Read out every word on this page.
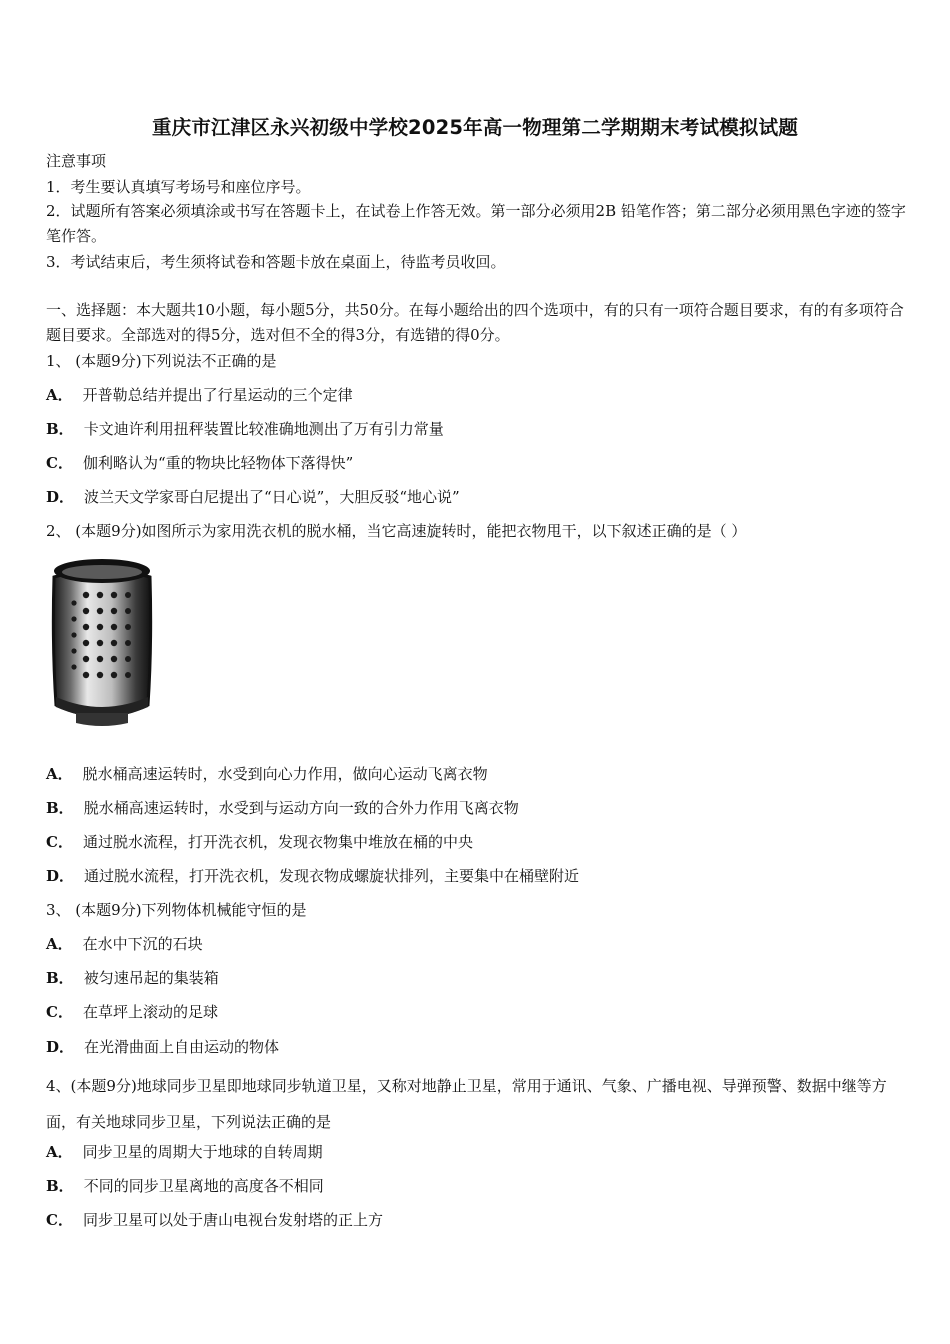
重庆市江津区永兴初级中学校2025年高一物理第二学期期末考试模拟试题
注意事项
1．考生要认真填写考场号和座位序号。
2．试题所有答案必须填涂或书写在答题卡上，在试卷上作答无效。第一部分必须用2B 铅笔作答；第二部分必须用黑色字迹的签字笔作答。
3．考试结束后，考生须将试卷和答题卡放在桌面上，待监考员收回。
一、选择题：本大题共10小题，每小题5分，共50分。在每小题给出的四个选项中，有的只有一项符合题目要求，有的有多项符合题目要求。全部选对的得5分，选对但不全的得3分，有选错的得0分。
1、 (本题9分)下列说法不正确的是
A． 开普勒总结并提出了行星运动的三个定律
B． 卡文迪许利用扭秤装置比较准确地测出了万有引力常量
C． 伽利略认为“重的物块比轻物体下落得快”
D． 波兰天文学家哥白尼提出了“日心说”，大胆反驳“地心说”
2、 (本题9分)如图所示为家用洗衣机的脱水桶，当它高速旋转时，能把衣物甩干，以下叙述正确的是（ ）
A． 脱水桶高速运转时，水受到向心力作用，做向心运动飞离衣物
B． 脱水桶高速运转时，水受到与运动方向一致的合外力作用飞离衣物
C． 通过脱水流程，打开洗衣机，发现衣物集中堆放在桶的中央
D． 通过脱水流程，打开洗衣机，发现衣物成螺旋状排列，主要集中在桶壁附近
3、 (本题9分)下列物体机械能守恒的是
A． 在水中下沉的石块
B． 被匀速吊起的集装箱
C． 在草坪上滚动的足球
D． 在光滑曲面上自由运动的物体
4、(本题9分)地球同步卫星即地球同步轨道卫星，又称对地静止卫星，常用于通讯、气象、广播电视、导弹预警、数据中继等方面，有关地球同步卫星，下列说法正确的是
A． 同步卫星的周期大于地球的自转周期
B． 不同的同步卫星离地的高度各不相同
C． 同步卫星可以处于唐山电视台发射塔的正上方
